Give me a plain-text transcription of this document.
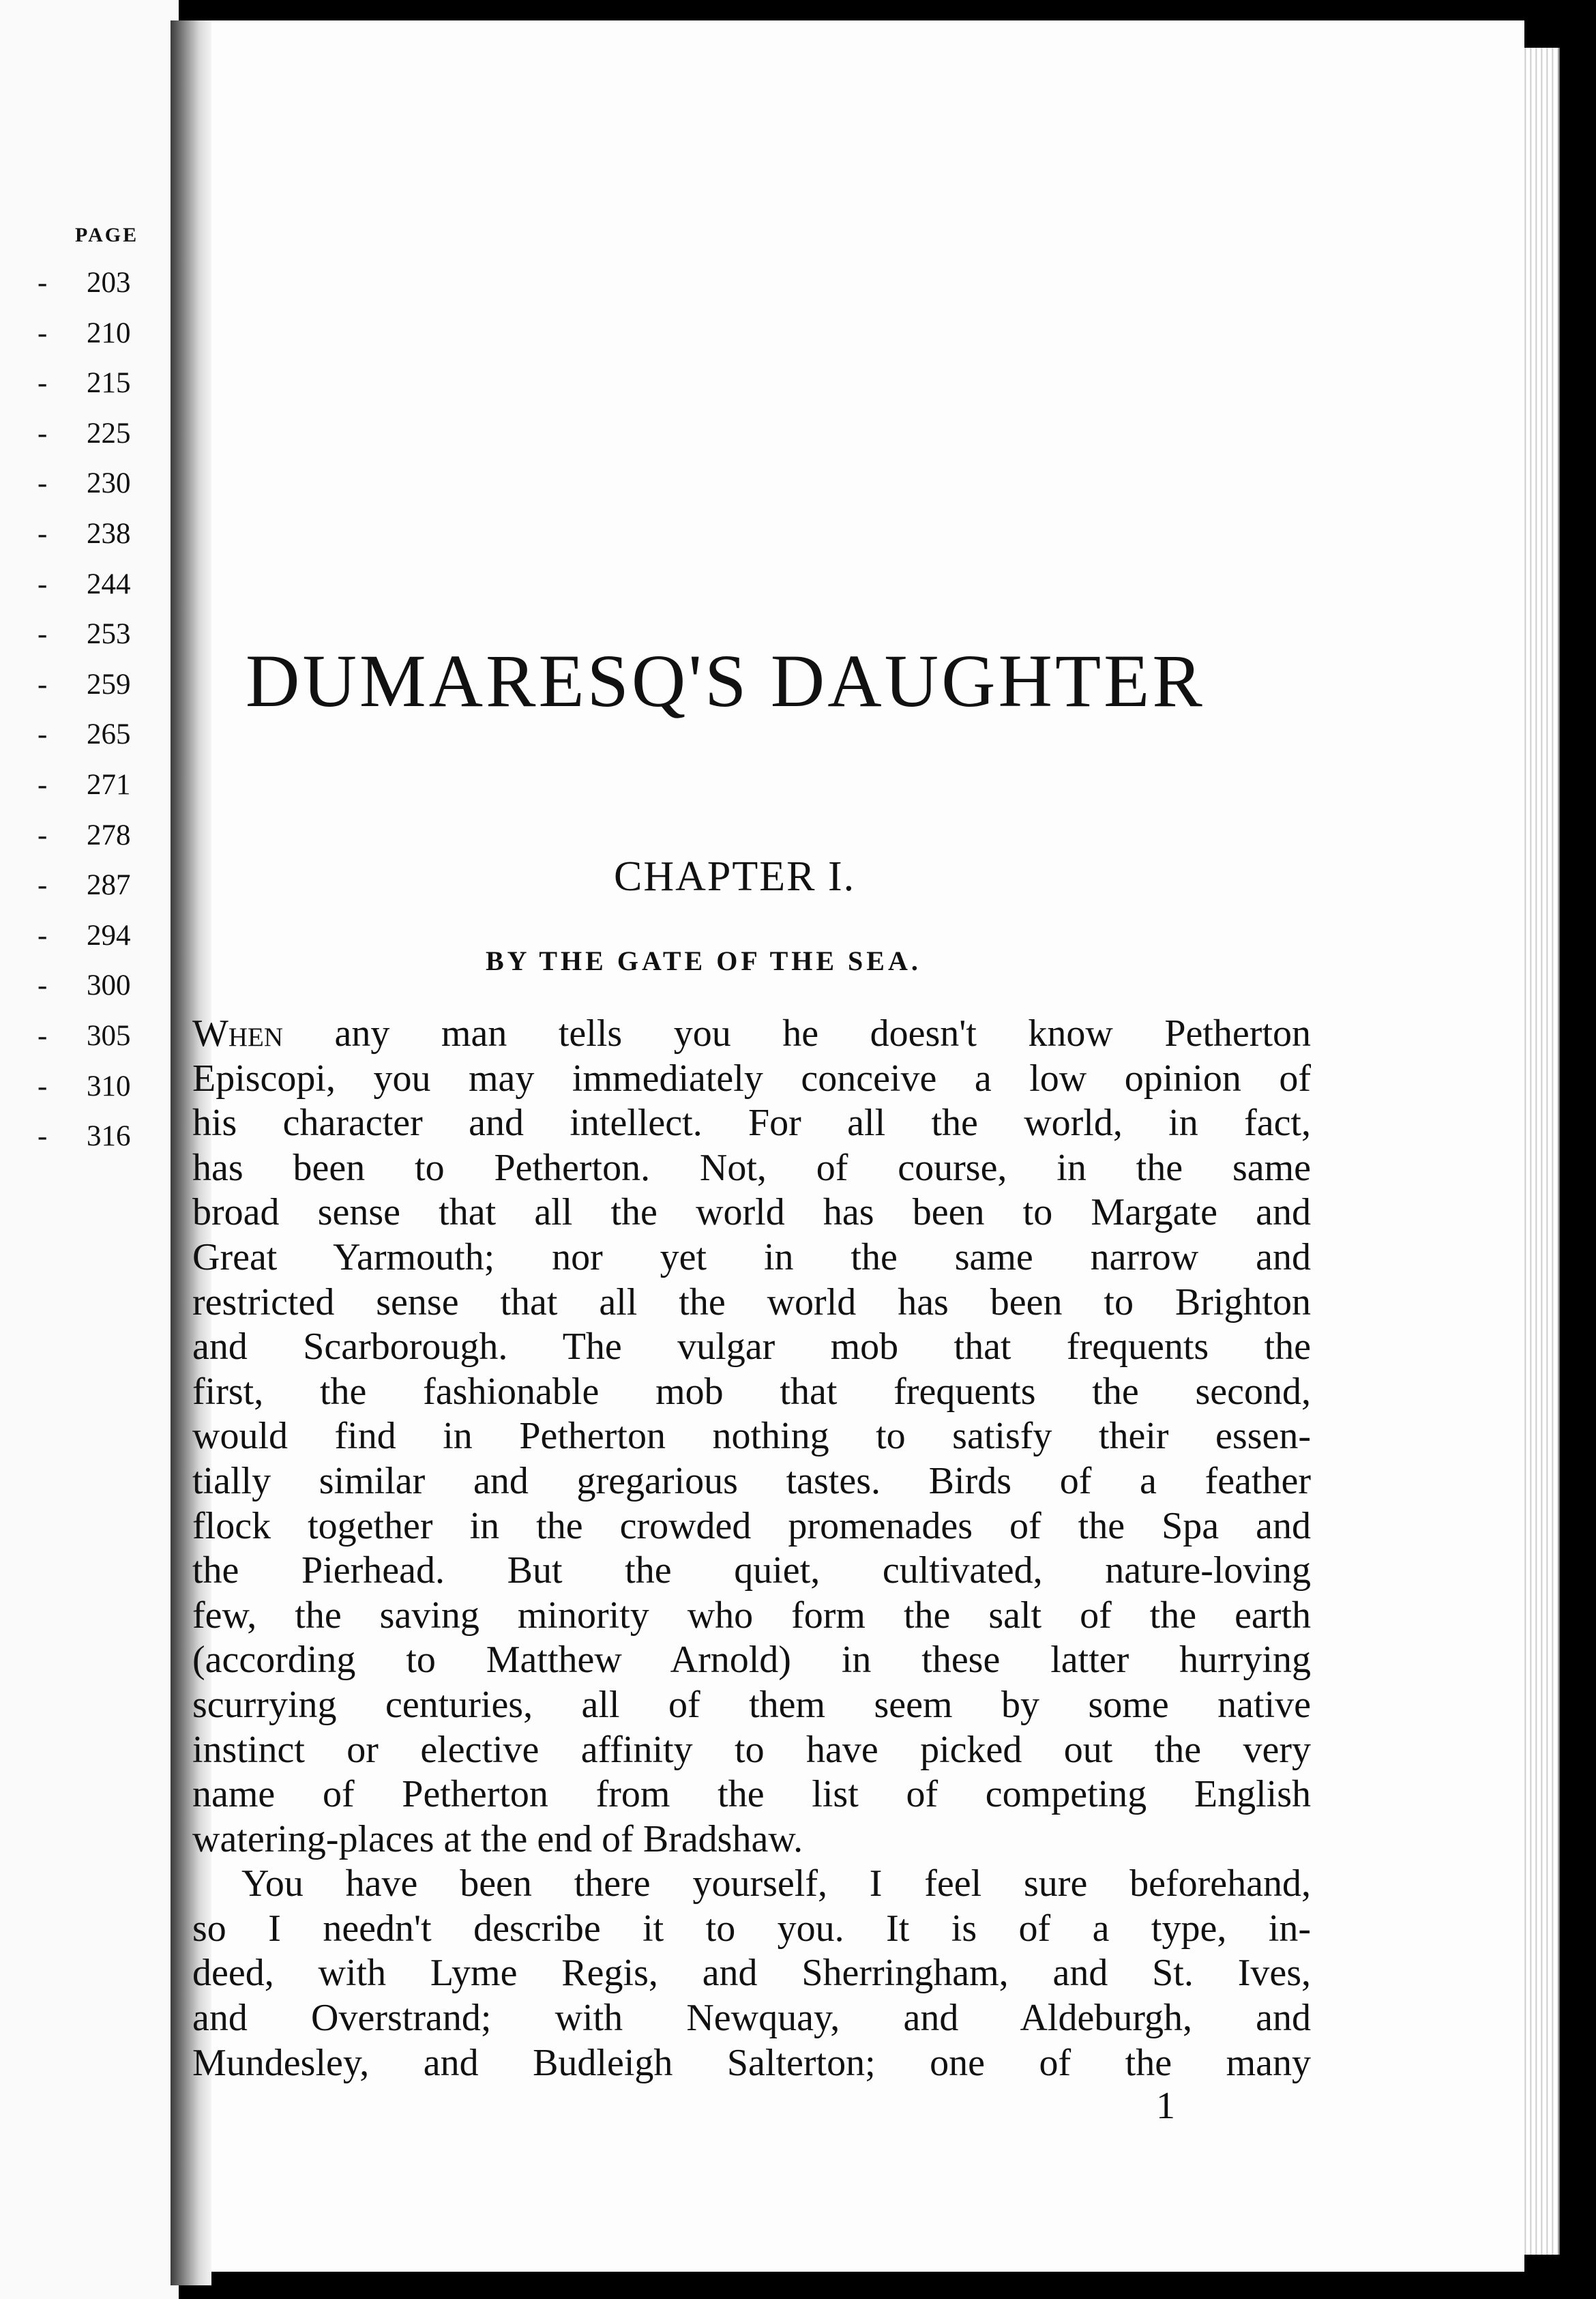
PAGE
- 203
- 210
- 215
- 225
- 230
- 238
- 244
- 253
- 259
- 265
- 271
- 278
- 287
- 294
- 300
- 305
- 310
- 316
DUMARESQ'S DAUGHTER
CHAPTER I.
BY THE GATE OF THE SEA.
When any man tells you he doesn't know Petherton
Episcopi, you may immediately conceive a low opinion of
his character and intellect. For all the world, in fact,
has been to Petherton. Not, of course, in the same
broad sense that all the world has been to Margate and
Great Yarmouth; nor yet in the same narrow and
restricted sense that all the world has been to Brighton
and Scarborough. The vulgar mob that frequents the
first, the fashionable mob that frequents the second,
would find in Petherton nothing to satisfy their essen-
tially similar and gregarious tastes. Birds of a feather
flock together in the crowded promenades of the Spa and
the Pierhead. But the quiet, cultivated, nature-loving
few, the saving minority who form the salt of the earth
(according to Matthew Arnold) in these latter hurrying
scurrying centuries, all of them seem by some native
instinct or elective affinity to have picked out the very
name of Petherton from the list of competing English
watering-places at the end of Bradshaw.
You have been there yourself, I feel sure beforehand,
so I needn't describe it to you. It is of a type, in-
deed, with Lyme Regis, and Sherringham, and St. Ives,
and Overstrand; with Newquay, and Aldeburgh, and
Mundesley, and Budleigh Salterton; one of the many
1
